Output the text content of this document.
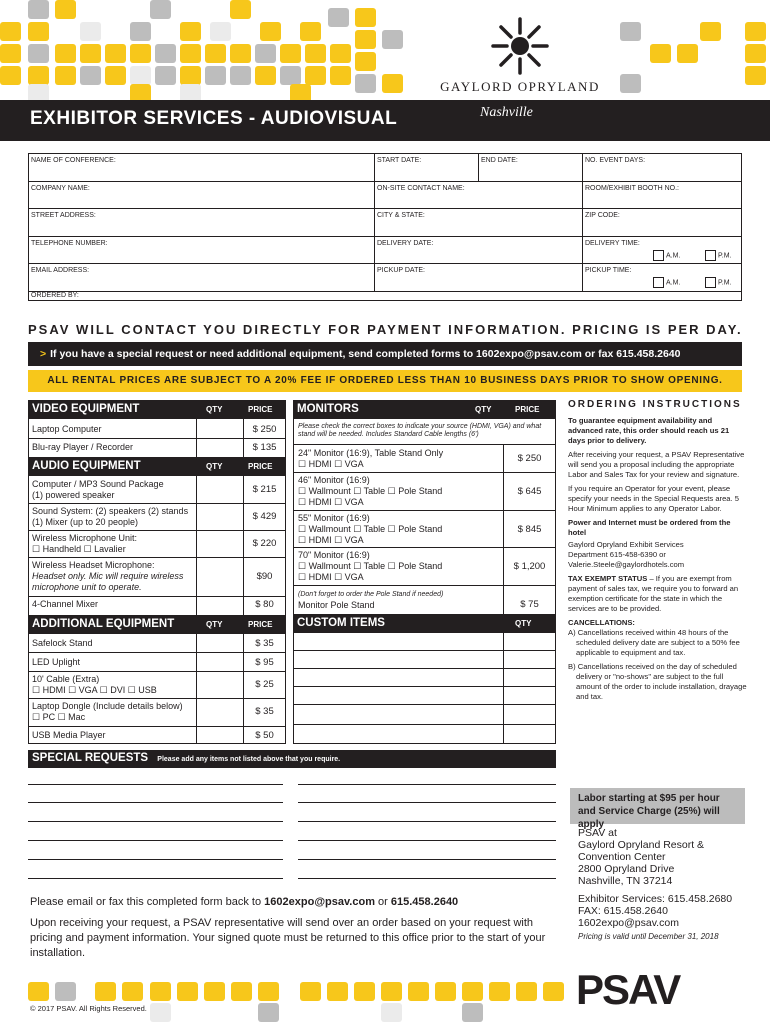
GAYLORD OPRYLAND
EXHIBITOR SERVICES - AUDIOVISUAL	Nashville
NAME OF CONFERENCE:	START DATE:	END DATE:	NO. EVENT DAYS:
COMPANY NAME:	ON-SITE CONTACT NAME:	ROOM/EXHIBIT BOOTH NO.:
STREET ADDRESS:	CITY & STATE:	ZIP CODE:
TELEPHONE NUMBER:	DELIVERY DATE:	DELIVERY TIME:
A.M.	P.M.
EMAIL ADDRESS:	PICKUP DATE:	PICKUP TIME:
A.M.	P.M.
ORDERED BY:
PSAV WILL CONTACT YOU DIRECTLY FOR PAYMENT INFORMATION. PRICING IS PER DAY.
> If you have a special request or need additional equipment, send completed forms to 1602expo@psav.com or fax 615.458.2640
ALL RENTAL PRICES ARE SUBJECT TO A 20% FEE IF ORDERED LESS THAN 10 BUSINESS DAYS PRIOR TO SHOW OPENING.
VIDEO EQUIPMENT	QTY	PRICE
Laptop Computer	$ 250
Blu-ray Player / Recorder	$ 135
AUDIO EQUIPMENT	QTY	PRICE
Computer / MP3 Sound Package
(1) powered speaker	$ 215
Sound System: (2) speakers (2) stands
(1) Mixer (up to 20 people)	$ 429
Wireless Microphone Unit:
☐ Handheld ☐ Lavalier	$ 220
Wireless Headset Microphone:
Headset only. Mic will require wireless
microphone unit to operate.
$90
4-Channel Mixer	$ 80
ADDITIONAL EQUIPMENT	QTY	PRICE
Safelock Stand	$ 35
LED Uplight	$ 95
10' Cable (Extra)
☐ HDMI ☐ VGA ☐ DVI ☐ USB	$ 25
Laptop Dongle (Include details below)
☐ PC ☐ Mac	$ 35
USB Media Player	$ 50
MONITORS	QTY	PRICE
Please check the correct boxes to indicate your source (HDMI, VGA) and what stand will be needed. Includes Standard Cable lengths (6')
24" Monitor (16:9), Table Stand Only
☐ HDMI ☐ VGA	$ 250
46" Monitor (16:9)
☐ Wallmount ☐ Table ☐ Pole Stand
☐ HDMI ☐ VGA
$ 645
55" Monitor (16:9)
☐ Wallmount ☐ Table ☐ Pole Stand
☐ HDMI ☐ VGA
$ 845
70" Monitor (16:9)
☐ Wallmount ☐ Table ☐ Pole Stand
☐ HDMI ☐ VGA
$ 1,200
(Don't forget to order the Pole Stand if needed)
Monitor Pole Stand	$ 75
CUSTOM ITEMS	QTY
SPECIAL REQUESTS Please add any items not listed above that you require.
Please email or fax this completed form back to 1602expo@psav.com or 615.458.2640
Upon receiving your request, a PSAV representative will send over an order based on your request with pricing and payment information. Your signed quote must be returned to this office prior to the start of your installation.
ORDERING INSTRUCTIONS

To guarantee equipment availability and advanced rate, this order should reach us 21 days prior to delivery.

After receiving your request, a PSAV Representative will send you a proposal including the appropriate Labor and Sales Tax for your review and signature.

If you require an Operator for your event, please specify your needs in the Special Requests area. 5 Hour Minimum applies to any Operator Labor.

Power and Internet must be ordered from the hotel

Gaylord Opryland Exhibit Services
Department 615-458-6390 or
Valerie.Steele@gaylordhotels.com

TAX EXEMPT STATUS – If you are exempt from payment of sales tax, we require you to forward an exemption certificate for the state in which the services are to be provided.

CANCELLATIONS:

A) Cancellations received within 48 hours of the scheduled delivery date are subject to a 50% fee applicable to equipment and tax.

B) Cancellations received on the day of scheduled delivery or "no-shows" are subject to the full amount of the order to include installation, drayage and tax.

Labor starting at $95 per hour and Service Charge (25%) will apply
PSAV at
Gaylord Opryland Resort &
Convention Center
2800 Opryland Drive
Nashville, TN 37214
Exhibitor Services: 615.458.2680
FAX: 615.458.2640
1602expo@psav.com
Pricing is valid until December 31, 2018
PSAV
© 2017 PSAV. All Rights Reserved.
